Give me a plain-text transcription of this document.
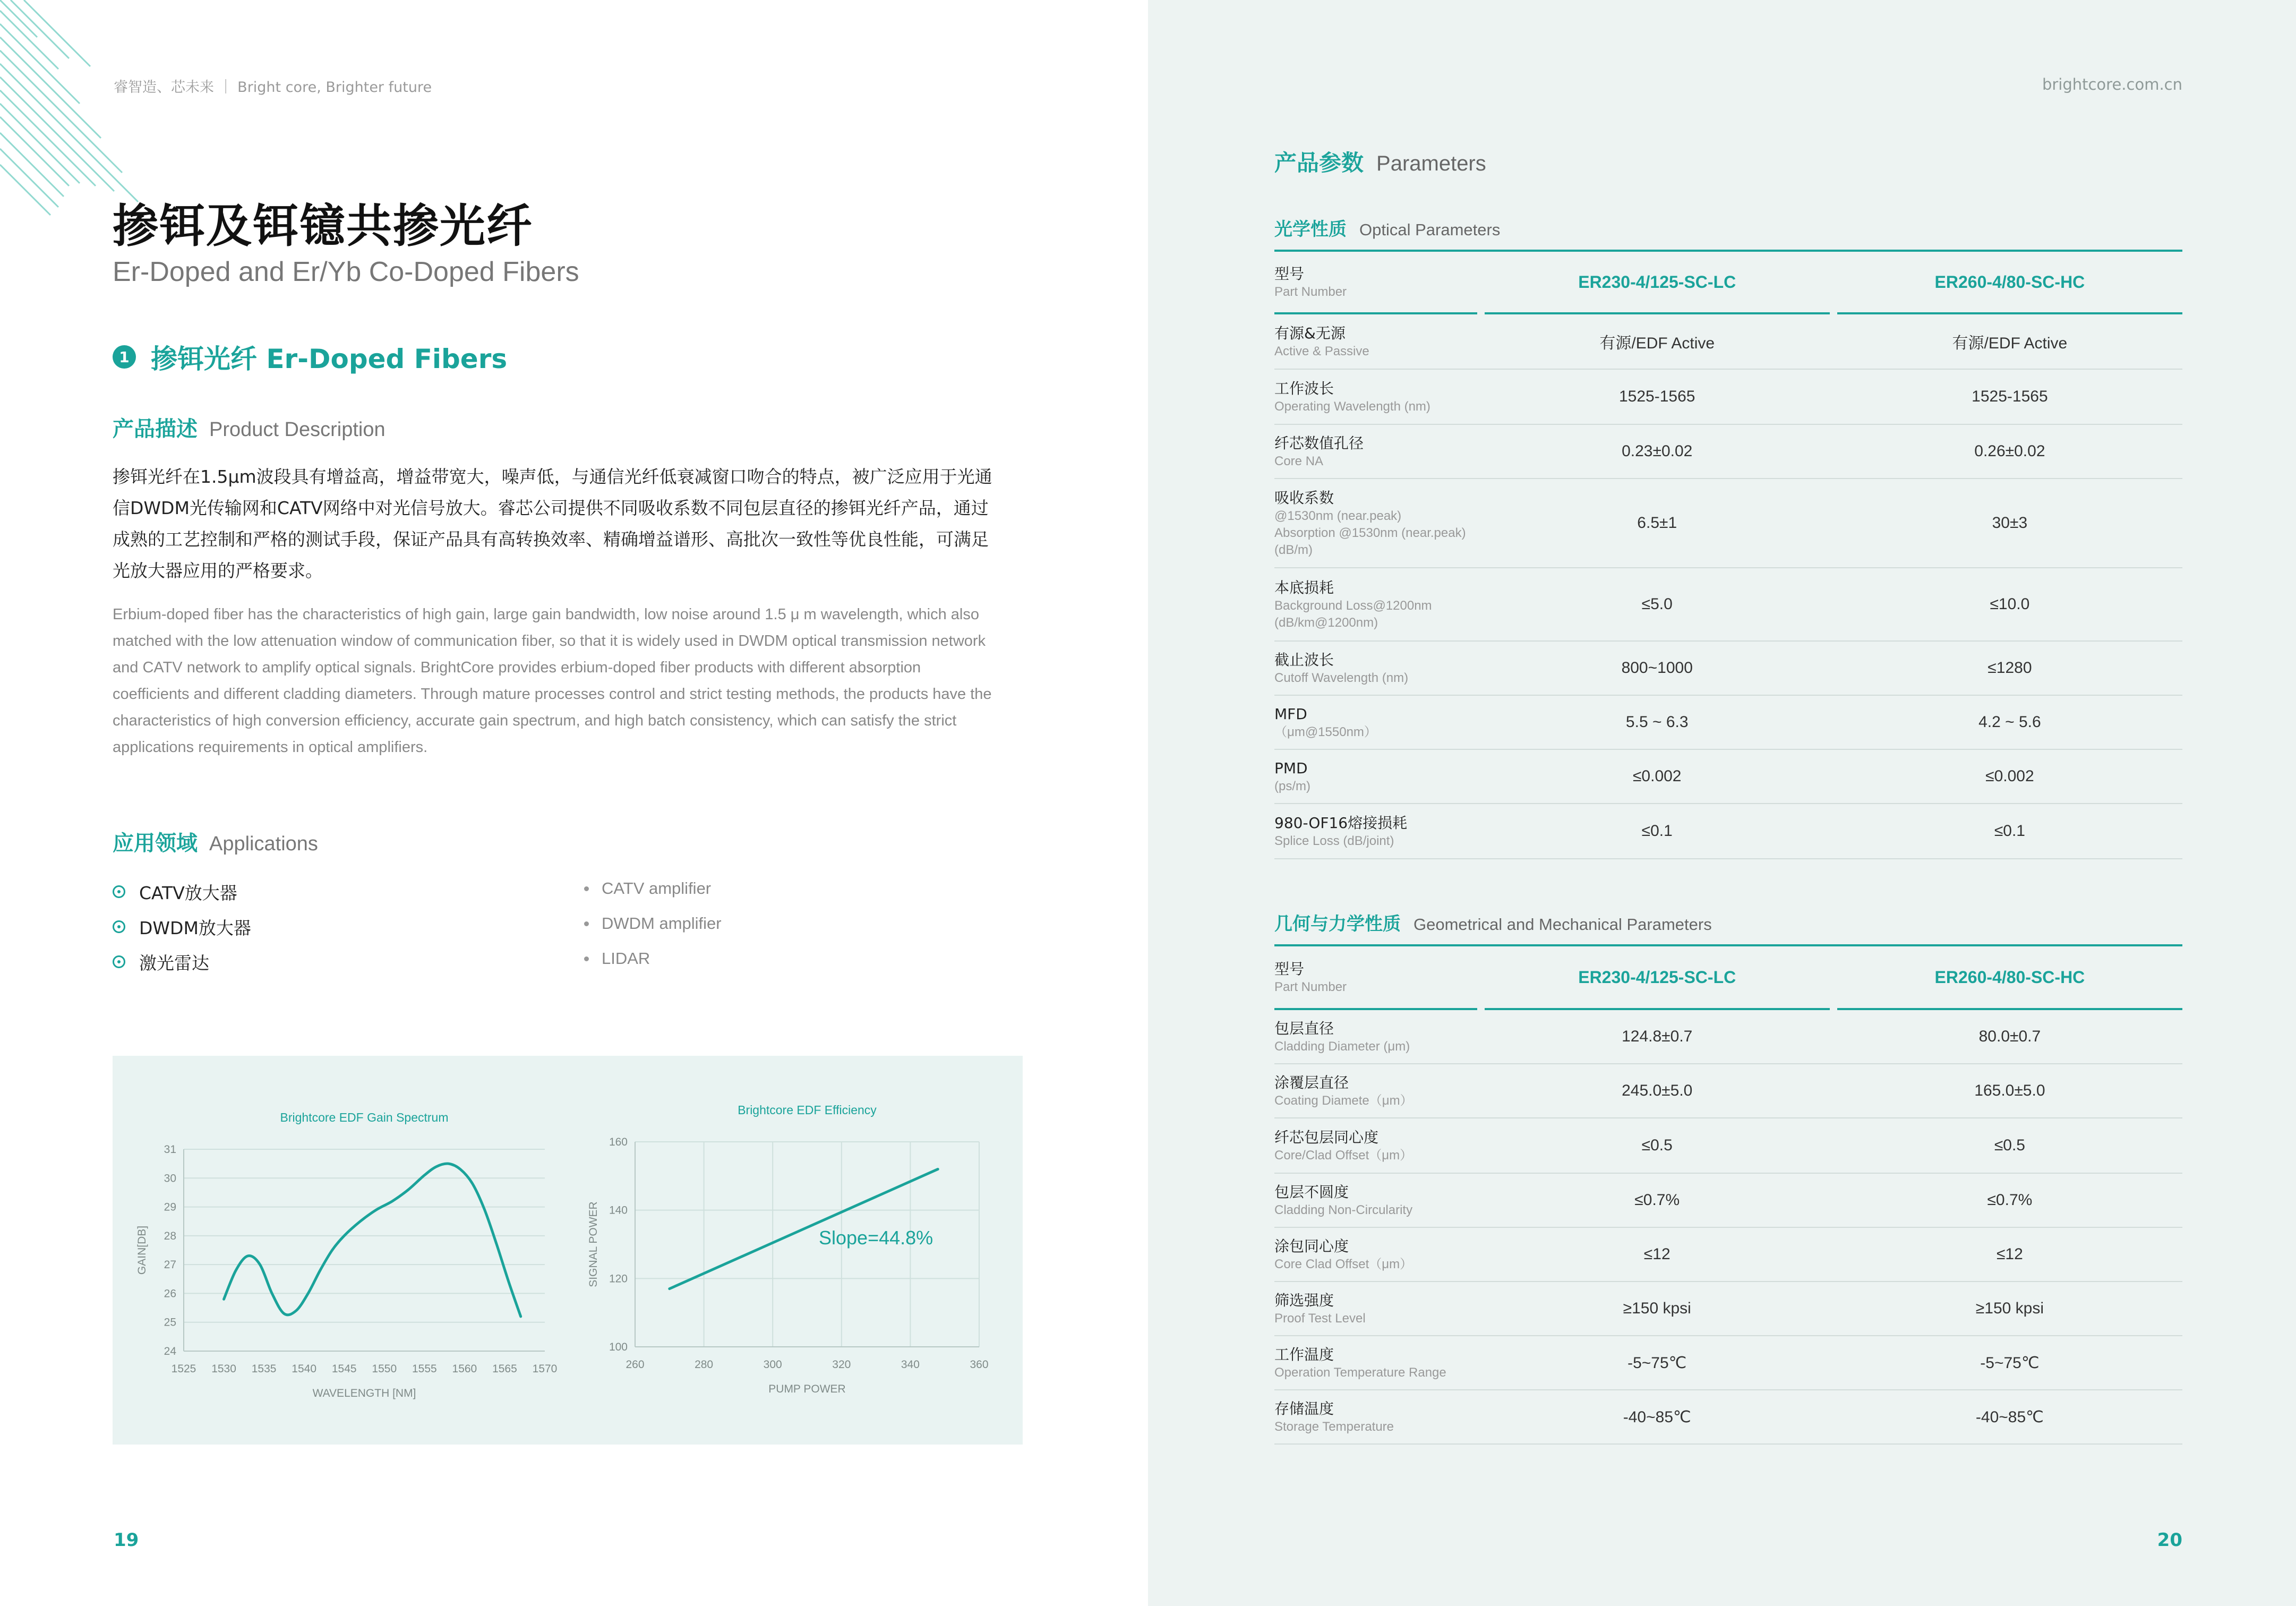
睿智造、芯未来 ｜ Bright core, Brighter future
掺铒及铒镱共掺光纤
Er-Doped and Er/Yb Co-Doped Fibers
1 掺铒光纤 Er-Doped Fibers
产品描述 Product Description
掺铒光纤在1.5μm波段具有增益高，增益带宽大，噪声低，与通信光纤低衰减窗口吻合的特点，被广泛应用于光通信DWDM光传输网和CATV网络中对光信号放大。睿芯公司提供不同吸收系数不同包层直径的掺铒光纤产品，通过成熟的工艺控制和严格的测试手段，保证产品具有高转换效率、精确增益谱形、高批次一致性等优良性能，可满足光放大器应用的严格要求。
Erbium-doped fiber has the characteristics of high gain, large gain bandwidth, low noise around 1.5 μ m wavelength, which also matched with the low attenuation window of communication fiber, so that it is widely used in DWDM optical transmission network and CATV network to amplify optical signals. BrightCore provides erbium-doped fiber products with different absorption coefficients and different cladding diameters. Through mature processes control and strict testing methods, the products have the characteristics of high conversion efficiency, accurate gain spectrum, and high batch consistency, which can satisfy the strict applications requirements in optical amplifiers.
应用领域 Applications
CATV放大器
DWDM放大器
激光雷达
CATV amplifier
DWDM amplifier
LIDAR
Brightcore EDF Gain Spectrum
24
25
26
27
28
29
30
31
1525 1530 1535 1540 1545 1550 1555 1560 1565 1570
WAVELENGTH [NM]
GAIN[DB]
Brightcore EDF Efficiency
100
120
140
160
260	280	300	320	340	360
PUMP POWER
SIGNAL POWER	Slope=44.8%
19
brightcore.com.cn
产品参数 Parameters
光学性质 Optical Parameters
型号
Part Number
ER230-4/125-SC-LC	ER260-4/80-SC-HC
有源&无源
Active & Passive	有源/EDF Active	有源/EDF Active
工作波长
Operating Wavelength (nm)
1525-1565	1525-1565
纤芯数值孔径
Core NA
0.23±0.02	0.26±0.02
吸收系数
@1530nm (near.peak)
Absorption @1530nm (near.peak)
(dB/m)
6.5±1	30±3
本底损耗
Background Loss@1200nm
(dB/km@1200nm)
≤5.0	≤10.0
截止波长
Cutoff Wavelength (nm)
800~1000	≤1280
MFD
（μm@1550nm）
5.5 ~ 6.3	4.2 ~ 5.6
PMD
(ps/m)
≤0.002	≤0.002
980-OF16熔接损耗
Splice Loss (dB/joint)
≤0.1	≤0.1
几何与力学性质 Geometrical and Mechanical Parameters
型号
Part Number
ER230-4/125-SC-LC	ER260-4/80-SC-HC
包层直径
Cladding Diameter (μm)
124.8±0.7	80.0±0.7
涂覆层直径
Coating Diamete（μm）
245.0±5.0	165.0±5.0
纤芯包层同心度
Core/Clad Offset（μm）
≤0.5	≤0.5
包层不圆度
Cladding Non-Circularity
≤0.7%	≤0.7%
涂包同心度
Core Clad Offset（μm）
≤12	≤12
筛选强度
Proof Test Level
≥150 kpsi	≥150 kpsi
工作温度
Operation Temperature Range
-5~75℃	-5~75℃
存储温度
Storage Temperature
-40~85℃	-40~85℃
20
